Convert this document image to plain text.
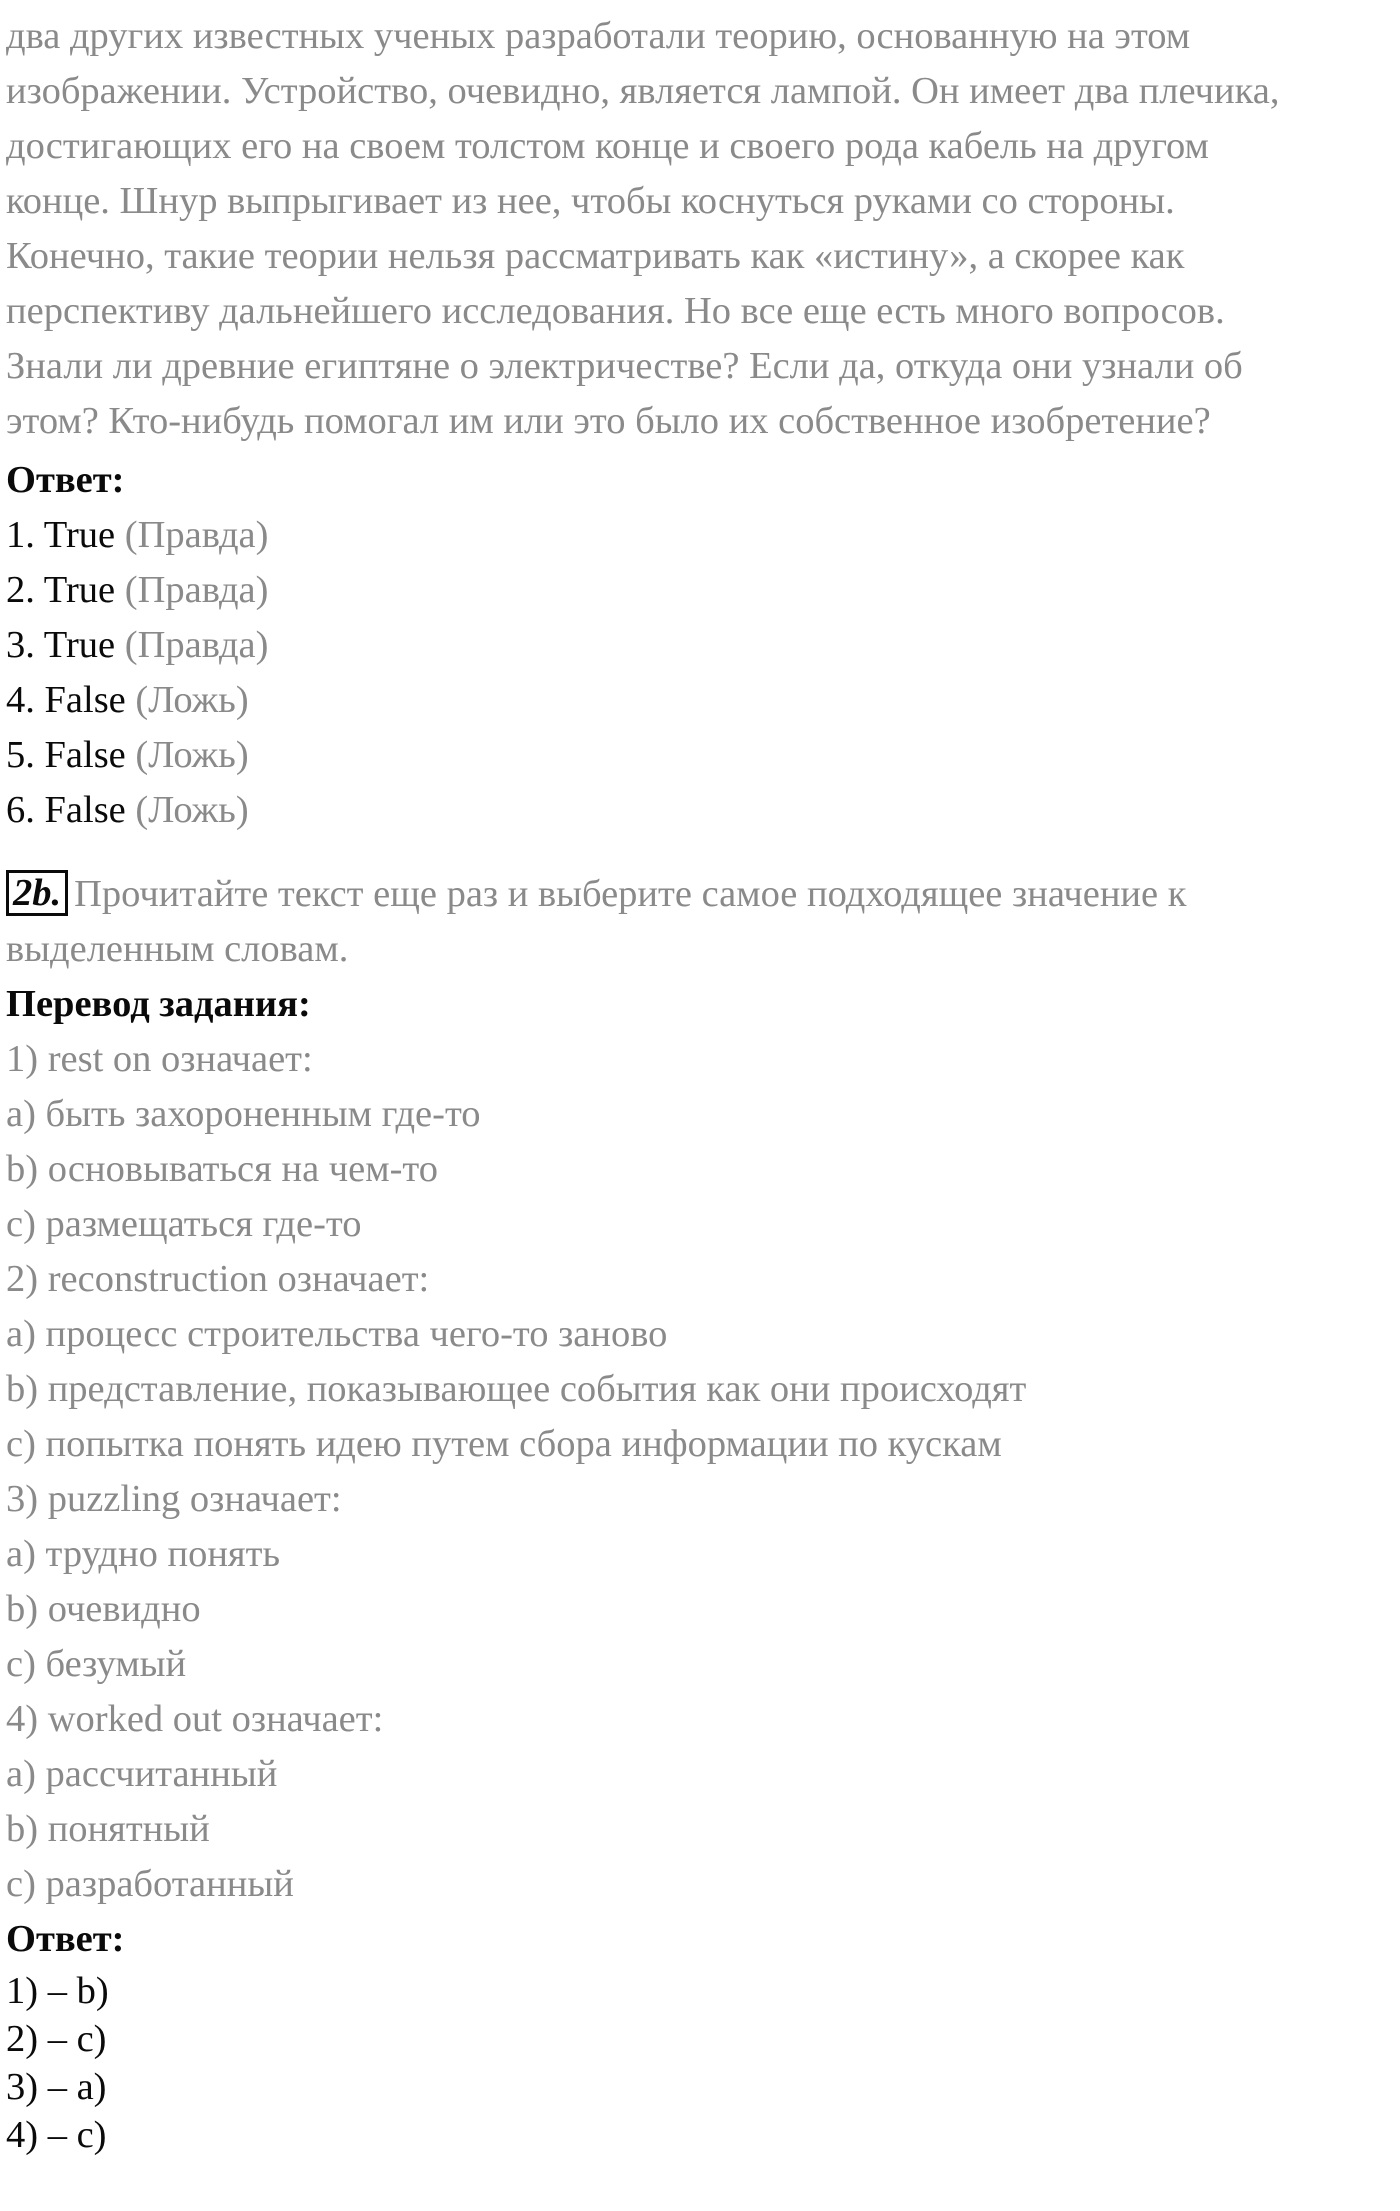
два других известных ученых разработали теорию, основанную на этом
изображении. Устройство, очевидно, является лампой. Он имеет два плечика,
достигающих его на своем толстом конце и своего рода кабель на другом
конце. Шнур выпрыгивает из нее, чтобы коснуться руками со стороны.
Конечно, такие теории нельзя рассматривать как «истину», а скорее как
перспективу дальнейшего исследования. Но все еще есть много вопросов.
Знали ли древние египтяне о электричестве? Если да, откуда они узнали об
этом? Кто-нибудь помогал им или это было их собственное изобретение?
Ответ:
1. True (Правда)
2. True (Правда)
3. True (Правда)
4. False (Ложь)
5. False (Ложь)
6. False (Ложь)
2b. Прочитайте текст еще раз и выберите самое подходящее значение к
выделенным словам.
Перевод задания:
1) rest on означает:
a) быть захороненным где-то
b) основываться на чем-то
c) размещаться где-то
2) reconstruction означает:
a) процесс строительства чего-то заново
b) представление, показывающее события как они происходят
c) попытка понять идею путем сбора информации по кускам
3) puzzling означает:
a) трудно понять
b) очевидно
c) безумый
4) worked out означает:
a) рассчитанный
b) понятный
c) разработанный
Ответ:
1) – b)
2) – c)
3) – a)
4) – c)
